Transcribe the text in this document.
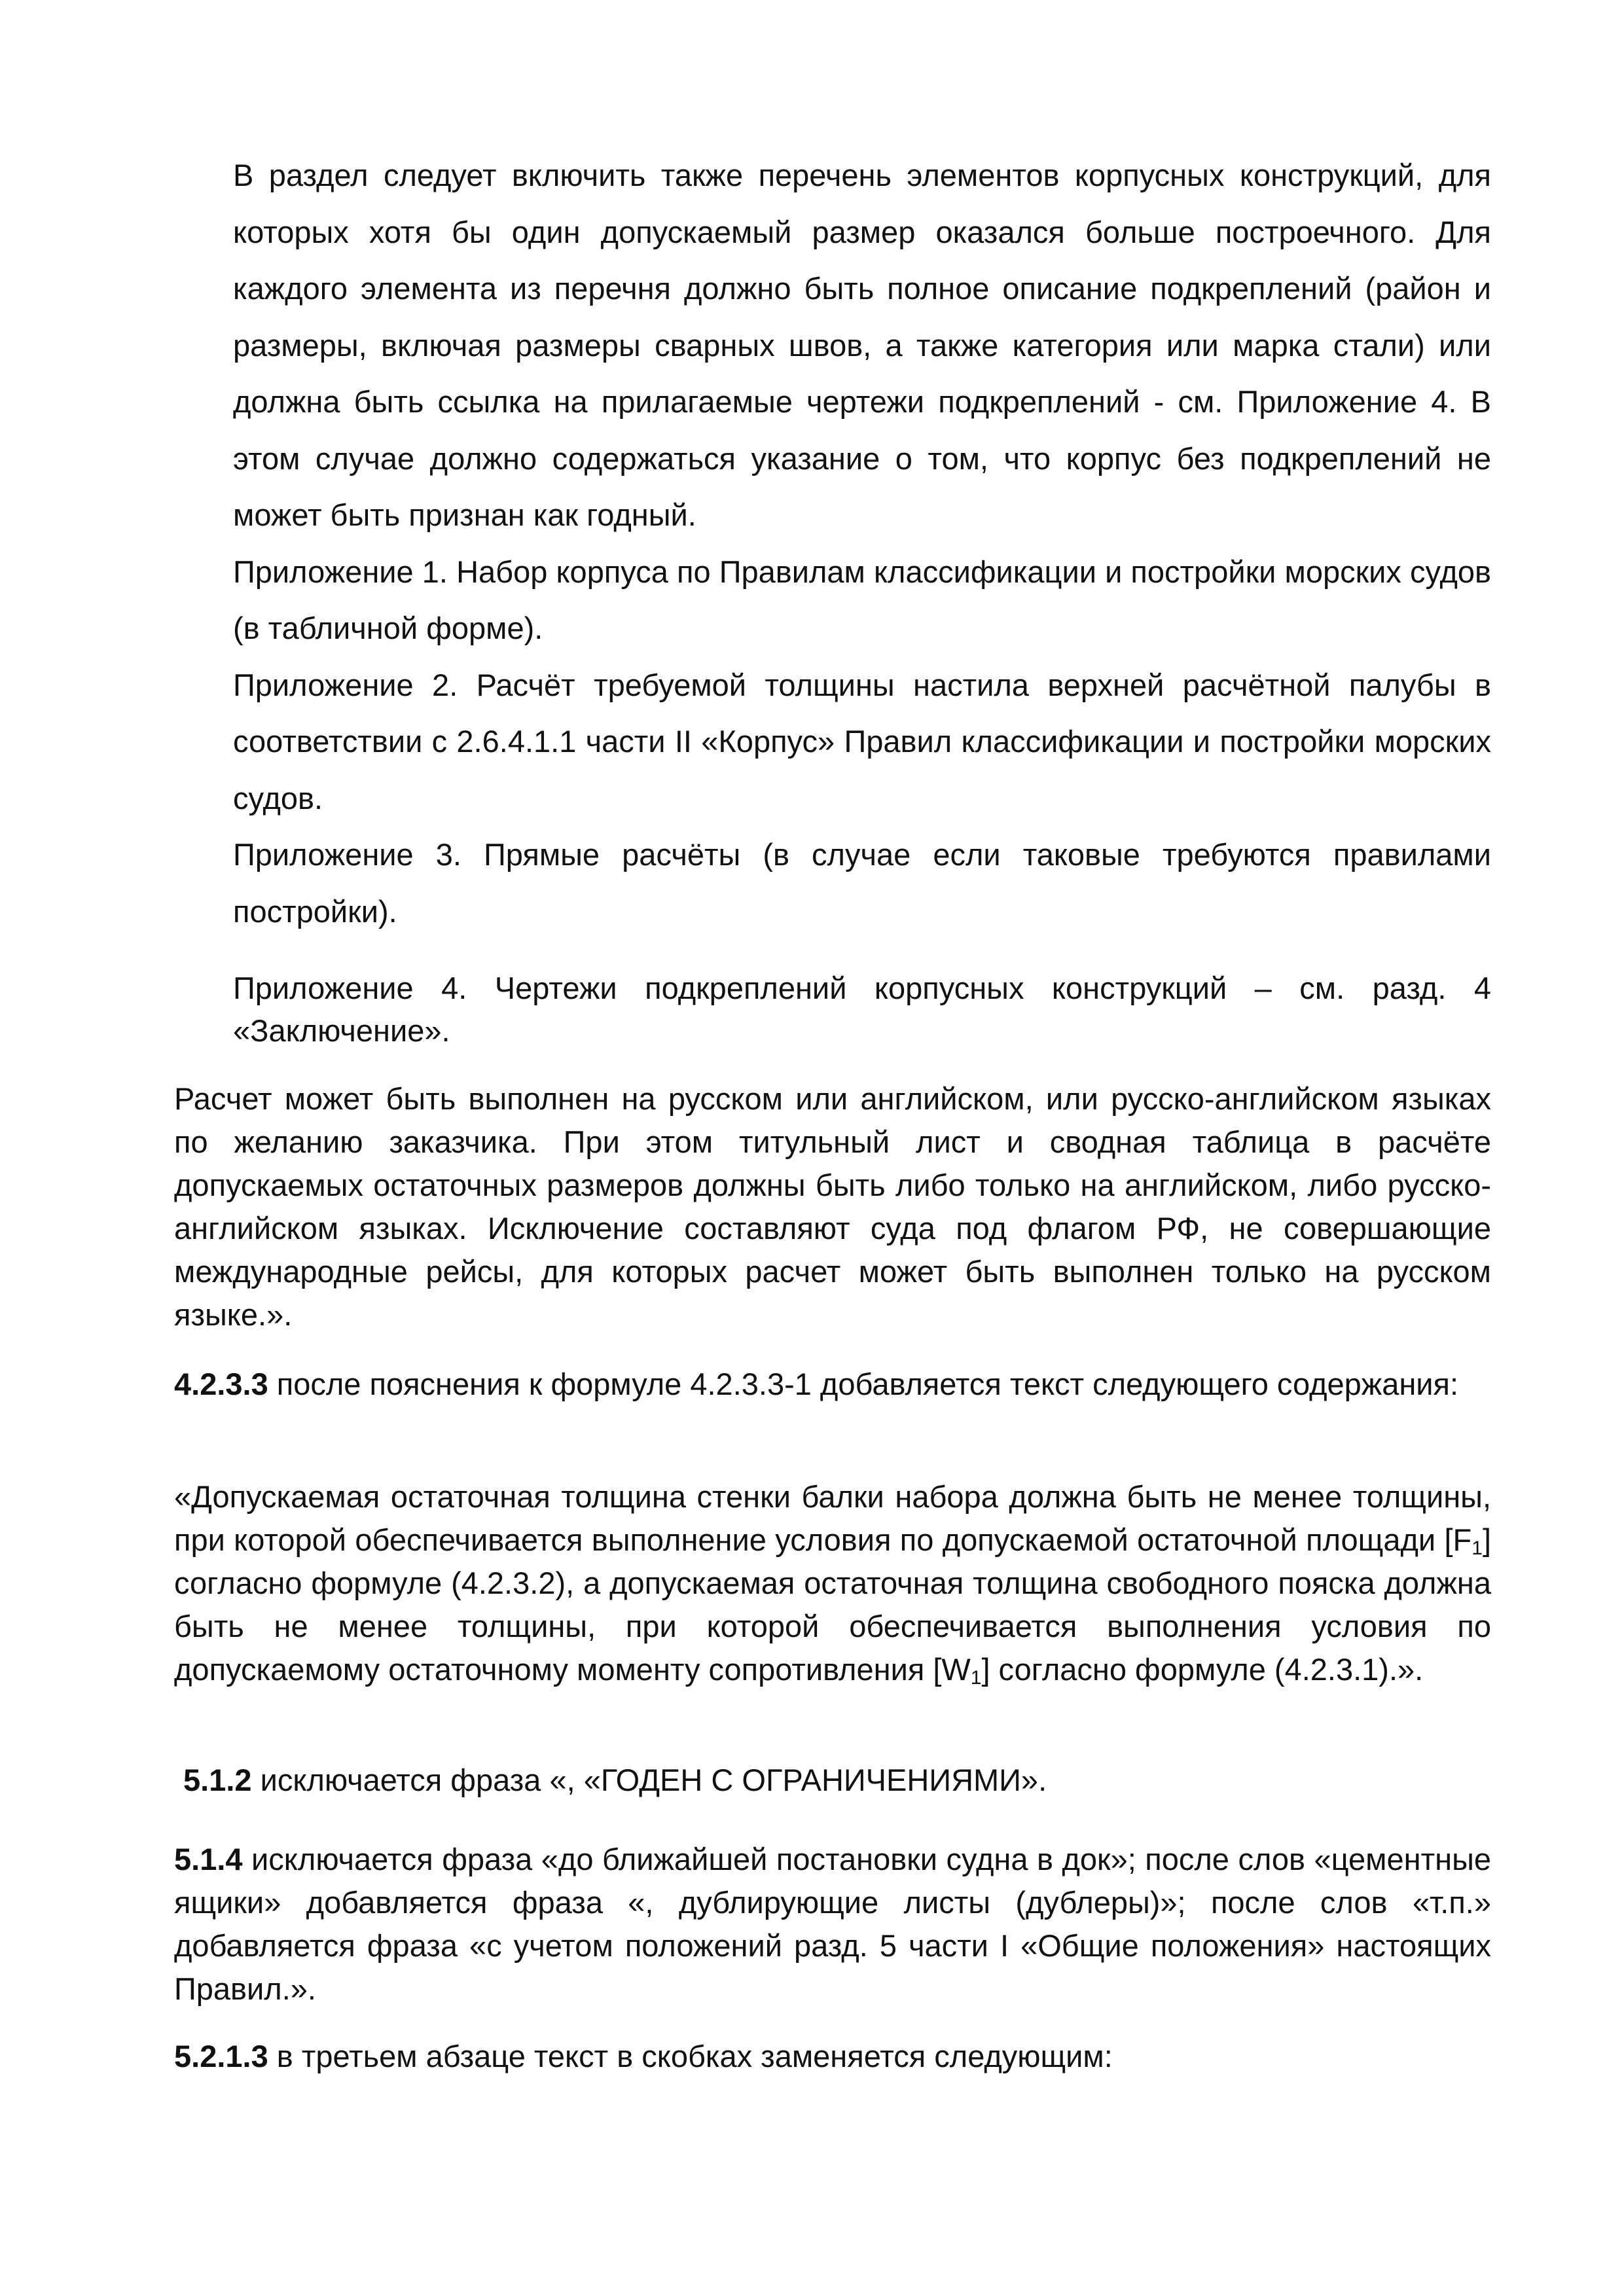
В раздел следует включить также перечень элементов корпусных конструкций, для которых хотя бы один допускаемый размер оказался больше построечного. Для каждого элемента из перечня должно быть полное описание подкреплений (район и размеры, включая размеры сварных швов, а также категория или марка стали) или должна быть ссылка на прилагаемые чертежи подкреплений - см. Приложение 4. В этом случае должно содержаться указание о том, что корпус без подкреплений не может быть признан как годный.

Приложение 1. Набор корпуса по Правилам классификации и постройки морских судов (в табличной форме).

Приложение 2. Расчёт требуемой толщины настила верхней расчётной палубы в соответствии с 2.6.4.1.1 части II «Корпус» Правил классификации и постройки морских судов.

Приложение 3. Прямые расчёты (в случае если таковые требуются правилами постройки).

Приложение 4. Чертежи подкреплений корпусных конструкций – см. разд. 4 «Заключение».

Расчет может быть выполнен на русском или английском, или русско-английском языках по желанию заказчика. При этом титульный лист и сводная таблица в расчёте допускаемых остаточных размеров должны быть либо только на английском, либо русско-английском языках. Исключение составляют суда под флагом РФ, не совершающие международные рейсы, для которых расчет может быть выполнен только на русском языке.».

4.2.3.3 после пояснения к формуле 4.2.3.3-1 добавляется текст следующего содержания:

«Допускаемая остаточная толщина стенки балки набора должна быть не менее толщины, при которой обеспечивается выполнение условия по допускаемой остаточной площади $[F_1]$ согласно формуле (4.2.3.2), а допускаемая остаточная толщина свободного пояска должна быть не менее толщины, при которой обеспечивается выполнения условия по допускаемому остаточному моменту сопротивления $[W_1]$ согласно формуле (4.2.3.1).».

5.1.2 исключается фраза «, «ГОДЕН С ОГРАНИЧЕНИЯМИ».

5.1.4 исключается фраза «до ближайшей постановки судна в док»; после слов «цементные ящики» добавляется фраза «, дублирующие листы (дублеры)»; после слов «т.п.» добавляется фраза «с учетом положений разд. 5 части I «Общие положения» настоящих Правил.».

5.2.1.3 в третьем абзаце текст в скобках заменяется следующим:
